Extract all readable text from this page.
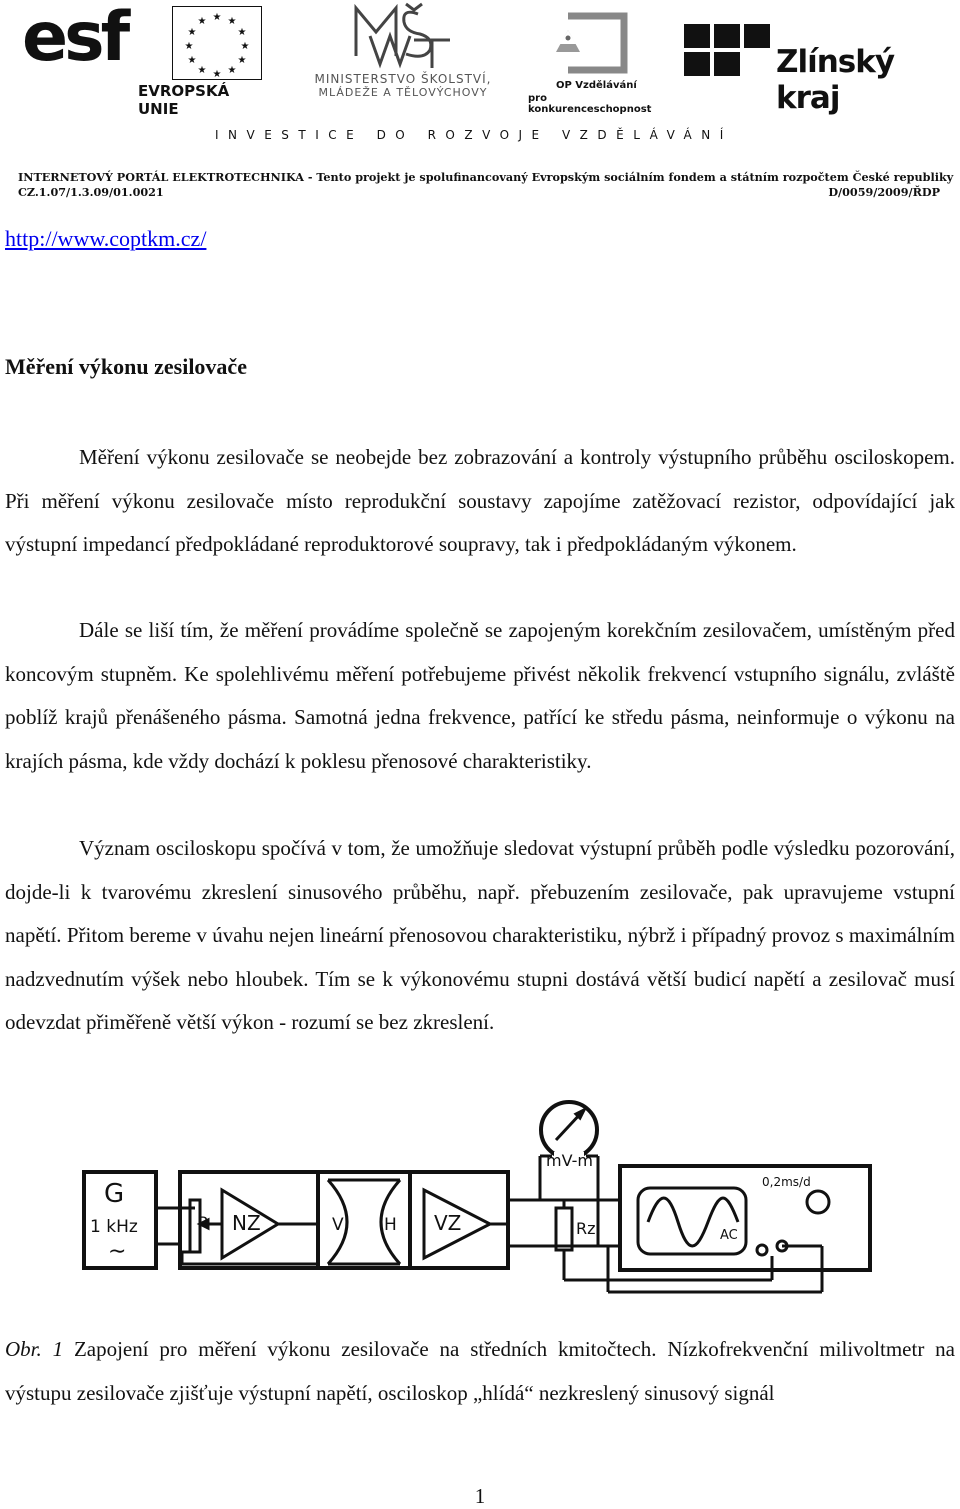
esf	★ ★
★
★
★
★
★
★
★
★
★
★
EVROPSKÁ UNIE
MINISTERSTVO ŠKOLSTVÍ,
MLÁDEŽE A TĚLOVÝCHOVY
OP Vzdělávání
pro konkurenceschopnost
Zlínský kraj
INVESTICE DO ROZVOJE VZDĚLÁVÁNÍ
INTERNETOVÝ PORTÁL ELEKTROTECHNIKA - Tento projekt je spolufinancovaný Evropským sociálním fondem a státním rozpočtem České republiky
CZ.1.07/1.3.09/01.0021	D/0059/2009/ŘDP
http://www.coptkm.cz/
Měření výkonu zesilovače

Měření výkonu zesilovače se neobejde bez zobrazování a kontroly výstupního průběhu osciloskopem. Při měření výkonu zesilovače místo reprodukční soustavy zapojíme zatěžovací rezistor, odpovídající jak výstupní impedancí předpokládané reproduktorové soupravy, tak i předpokládaným výkonem.

Dále se liší tím, že měření provádíme společně se zapojeným korekčním zesilovačem, umístěným před koncovým stupněm. Ke spolehlivému měření potřebujeme přivést několik frekvencí vstupního signálu, zvláště poblíž krajů přenášeného pásma. Samotná jedna frekvence, patřící ke středu pásma, neinformuje o výkonu na krajích pásma, kde vždy dochází k poklesu přenosové charakteristiky.

Význam osciloskopu spočívá v tom, že umožňuje sledovat výstupní průběh podle výsledku pozorování, dojde-li k tvarovému zkreslení sinusového průběhu, např. přebuzením zesilovače, pak upravujeme vstupní napětí. Přitom bereme v úvahu nejen lineární přenosovou charakteristiku, nýbrž i případný provoz s maximálním nadzvednutím výšek nebo hloubek. Tím se k výkonovému stupni dostává větší budicí napětí a zesilovač musí odevzdat přiměřeně větší výkon - rozumí se bez zkreslení.

G
1 kHz
∼
P NZ	V H VZ
mV-m
Rz
0,2ms/d
AC

Obr. 1 Zapojení pro měření výkonu zesilovače na středních kmitočtech. Nízkofrekvenční milivoltmetr na výstupu zesilovače zjišťuje výstupní napětí, osciloskop „hlídá“ nezkreslený sinusový signál

1
